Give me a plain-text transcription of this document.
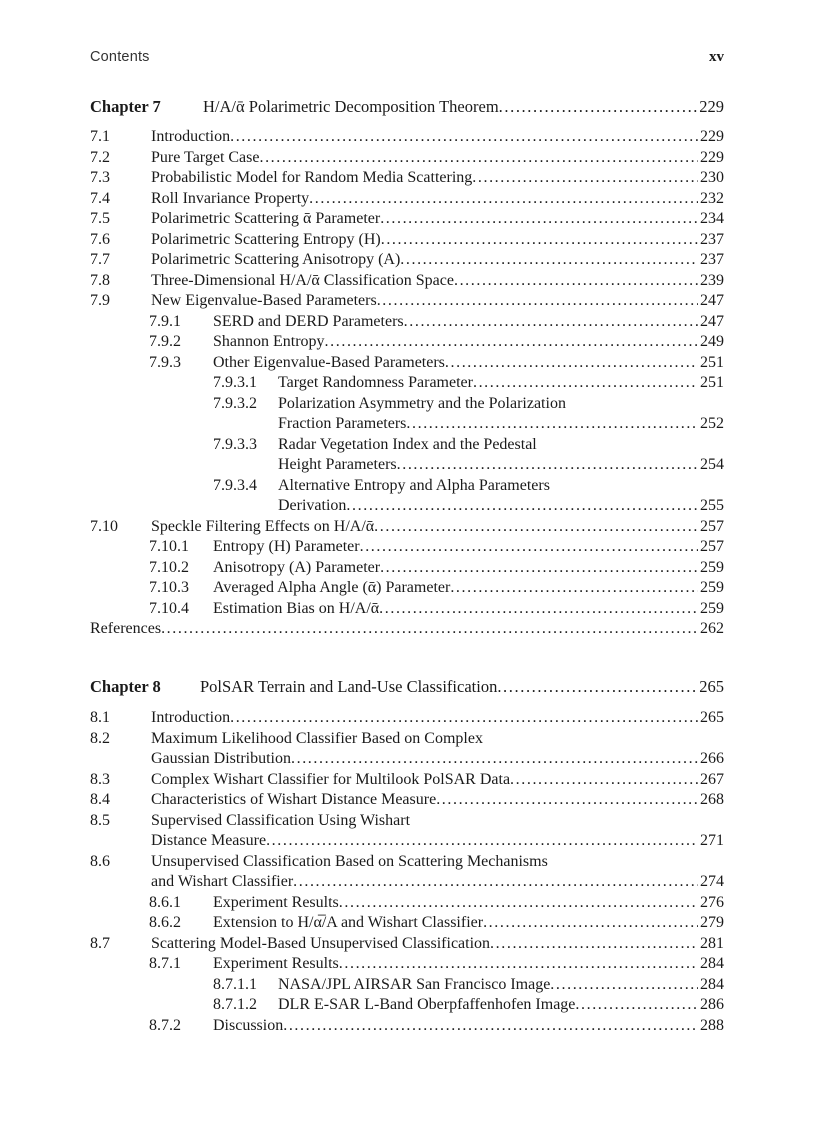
Contents	xv
Chapter 7	H/A/ᾱ Polarimetric Decomposition Theorem .....	229
7.1	Introduction .....	229
7.2	Pure Target Case .....	229
7.3	Probabilistic Model for Random Media Scattering .....	230
7.4	Roll Invariance Property .....	232
7.5	Polarimetric Scattering ᾱ Parameter .....	234
7.6	Polarimetric Scattering Entropy (H) .....	237
7.7	Polarimetric Scattering Anisotropy (A) .....	237
7.8	Three-Dimensional H/A/ᾱ Classification Space .....	239
7.9	New Eigenvalue-Based Parameters .....	247
7.9.1 SERD and DERD Parameters .....	247
7.9.2 Shannon Entropy .....	249
7.9.3 Other Eigenvalue-Based Parameters .....	251
7.9.3.1 Target Randomness Parameter .....	251
7.9.3.2 Polarization Asymmetry and the Polarization
Fraction Parameters .....	252
7.9.3.3 Radar Vegetation Index and the Pedestal
Height Parameters .....	254
7.9.3.4 Alternative Entropy and Alpha Parameters
Derivation .....	255
7.10 Speckle Filtering Effects on H/A/ᾱ .....	257
7.10.1 Entropy (H) Parameter .....	257
7.10.2 Anisotropy (A) Parameter .....	259
7.10.3 Averaged Alpha Angle (ᾱ) Parameter .....	259
7.10.4 Estimation Bias on H/A/ᾱ .....	259
References .....	262
Chapter 8 PolSAR Terrain and Land-Use Classification .....	265
8.1	Introduction .....	265
8.2	Maximum Likelihood Classifier Based on Complex
Gaussian Distribution .....	266
8.3	Complex Wishart Classifier for Multilook PolSAR Data .....	267
8.4	Characteristics of Wishart Distance Measure .....	268
8.5	Supervised Classification Using Wishart
Distance Measure .....	271
8.6	Unsupervised Classification Based on Scattering Mechanisms
and Wishart Classifier .....	274
8.6.1 Experiment Results .....	276
8.6.2 Extension to H/α̅/A and Wishart Classifier .....	279
8.7	Scattering Model-Based Unsupervised Classification .....	281
8.7.1 Experiment Results .....	284
8.7.1.1 NASA/JPL AIRSAR San Francisco Image .....	284
8.7.1.2 DLR E-SAR L-Band Oberpfaffenhofen Image .....	286
8.7.2 Discussion .....	288
